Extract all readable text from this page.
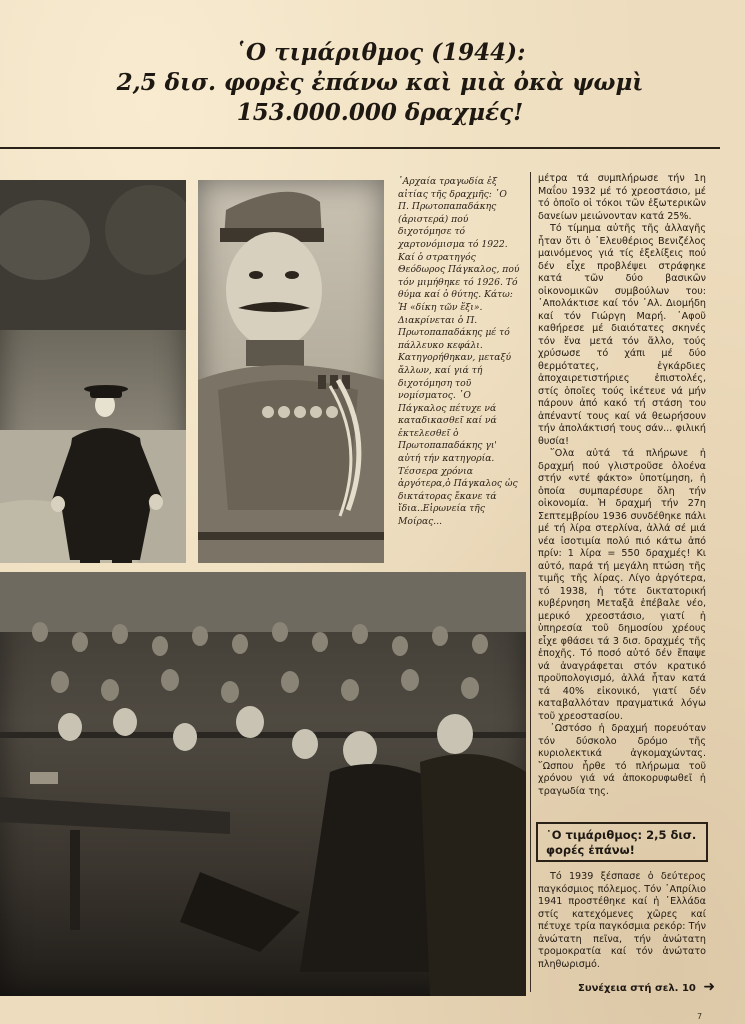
῾Ο τιμάριθμος (1944):
2,5 δισ. φορὲς ἐπάνω καὶ μιὰ ὀκὰ ψωμὶ
153.000.000 δραχμές!
᾿Αρχαία τραγωδία ἐξ αἰτίας τῆς δραχμῆς: ῾Ο Π. Πρωτοπαπαδάκης (ἀριστερά) πού διχοτόμησε τό χαρτονόμισμα τό 1922. Καί ὁ στρατηγός Θεόδωρος Πάγκαλος, πού τόν μιμήθηκε τό 1926. Τό θύμα καί ὁ θύτης. Κάτω: Ἡ «δίκη τῶν ἕξι». Διακρίνεται ὁ Π. Πρωτοπαπαδάκης μέ τό πάλλευκο κεφάλι. Κατηγορήθηκαν, μεταξύ ἄλλων, καί γιά τή διχοτόμηση τοῦ νομίσματος. ῾Ο Πάγκαλος πέτυχε νά καταδικασθεῖ καί νά ἐκτελεσθεῖ ὁ Πρωτοπαπαδάκης γι' αὐτή τήν κατηγορία. Τέσσερα χρόνια ἀργότερα,ὁ Πάγκαλος ὡς δικτάτορας ἔκανε τά ἴδια..Εἰρωνεία τῆς Μοίρας...

μέτρα τά συμπλήρωσε τήν 1η Μαΐου 1932 μέ τό χρεοστάσιο, μέ τό ὁποῖο οἱ τόκοι τῶν ἐξωτερικῶν δανείων μειώνονταν κατά 25%.

Τό τίμημα αὐτῆς τῆς ἀλλαγῆς ἦταν ὅτι ὁ ᾿Ελευθέριος Βενιζέλος μαινόμενος γιά τίς ἐξελίξεις πού δέν εἶχε προβλέψει στράφηκε κατά τῶν δύο βασικῶν οἰκονομικῶν συμβούλων του: ᾿Απολάκτισε καί τόν ᾿Αλ. Διομήδη καί τόν Γιώργη Μαρή. ᾿Αφοῦ καθήρεσε μέ διαιότατες σκηνές τόν ἕνα μετά τόν ἄλλο, τούς χρύσωσε τό χάπι μέ δύο θερμότατες, ἐγκάρδιες ἀποχαιρετιστήριες ἐπιστολές, στίς ὁποῖες τούς ἱκέτευε νά μήν πάρουν ἀπό κακό τή στάση του ἀπέναντί τους καί νά θεωρήσουν τήν ἀπολάκτισή τους σάν... φιλική θυσία!

῞Ολα αὐτά τά πλήρωνε ἡ δραχμή πού γλιστροῦσε ὁλοένα στήν «ντέ φάκτο» ὑποτίμηση, ἡ ὁποία συμπαρέσυρε ὅλη τήν οἰκονομία. Ἡ δραχμή τήν 27η Σεπτεμβρίου 1936 συνδέθηκε πάλι μέ τή λίρα στερλίνα, ἀλλά σέ μιά νέα ἰσοτιμία πολύ πιό κάτω ἀπό πρίν: 1 λίρα = 550 δραχμές! Κι αὐτό, παρά τή μεγάλη πτώση τῆς τιμῆς τῆς λίρας. Λίγο ἀργότερα, τό 1938, ἡ τότε δικτατορική κυβέρνηση Μεταξᾶ ἐπέβαλε νέο, μερικό χρεοστάσιο, γιατί ἡ ὑπηρεσία τοῦ δημοσίου χρέους εἶχε φθάσει τά 3 δισ. δραχμές τῆς ἐποχῆς. Τό ποσό αὐτό δέν ἔπαψε νά ἀναγράφεται στόν κρατικό προϋπολογισμό, ἀλλά ἦταν κατά τά 40% εἰκονικό, γιατί δέν καταβαλλόταν πραγματικά λόγω τοῦ χρεοστασίου.

᾿Ωστόσο ἡ δραχμή πορευόταν τόν δύσκολο δρόμο τῆς κυριολεκτικά ἀγκομαχώντας. ῞Ωσπου ἦρθε τό πλήρωμα τοῦ χρόνου γιά νά ἀποκορυφωθεῖ ἡ τραγωδία της.

῾Ο τιμάριθμος: 2,5 δισ. φορές ἐπάνω!

Τό 1939 ξέσπασε ὁ δεύτερος παγκόσμιος πόλεμος. Τόν ᾿Απρίλιο 1941 προστέθηκε καί ἡ ᾿Ελλάδα στίς κατεχόμενες χῶρες καί πέτυχε τρία παγκόσμια ρεκόρ: Τήν ἀνώτατη πεῖνα, τήν ἀνώτατη τρομοκρατία καί τόν ἀνώτατο πληθωρισμό.

Συνέχεια στή σελ. 10 ➜
7
